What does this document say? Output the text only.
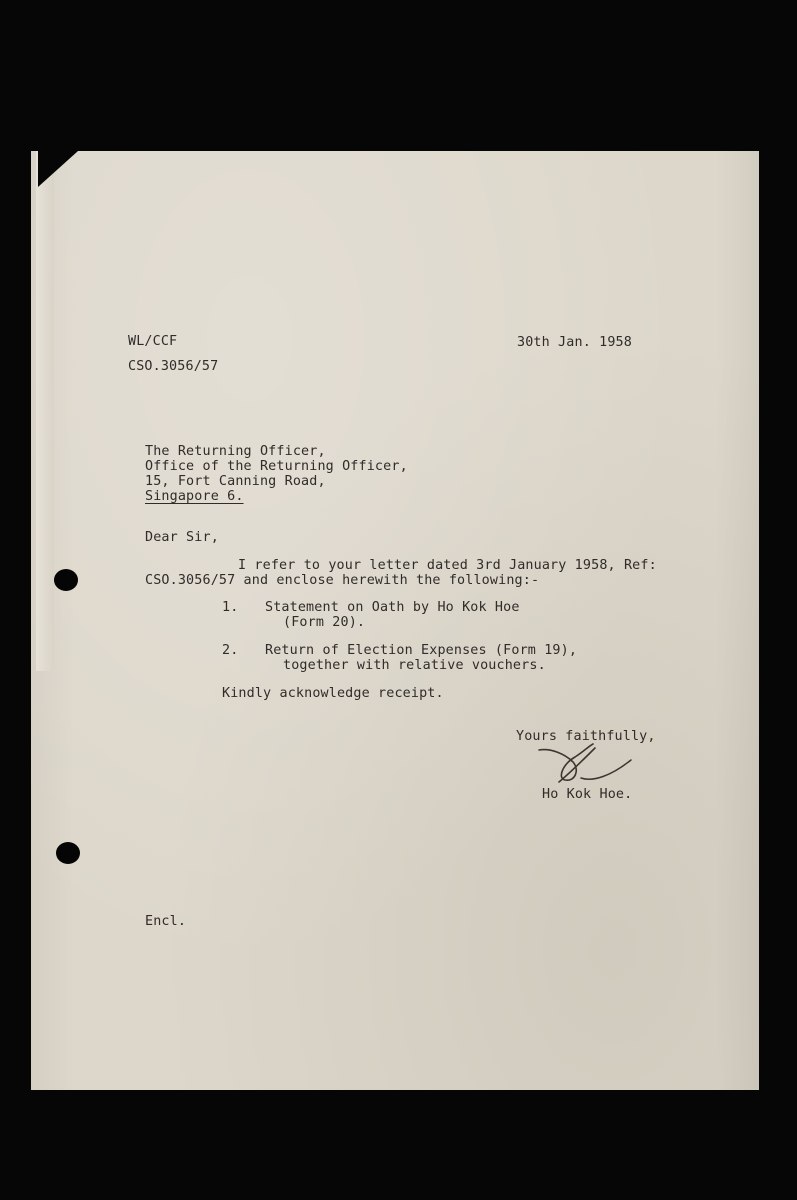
WL/CCF
CSO.3056/57
30th Jan. 1958
The Returning Officer,
Office of the Returning Officer,
15, Fort Canning Road,
Singapore 6.
Dear Sir,
I refer to your letter dated 3rd January 1958, Ref:
CSO.3056/57 and enclose herewith the following:-
1. Statement on Oath by Ho Kok Hoe
(Form 20).
2. Return of Election Expenses (Form 19),
together with relative vouchers.
Kindly acknowledge receipt.
Yours faithfully,
Ho Kok Hoe.
Encl.
